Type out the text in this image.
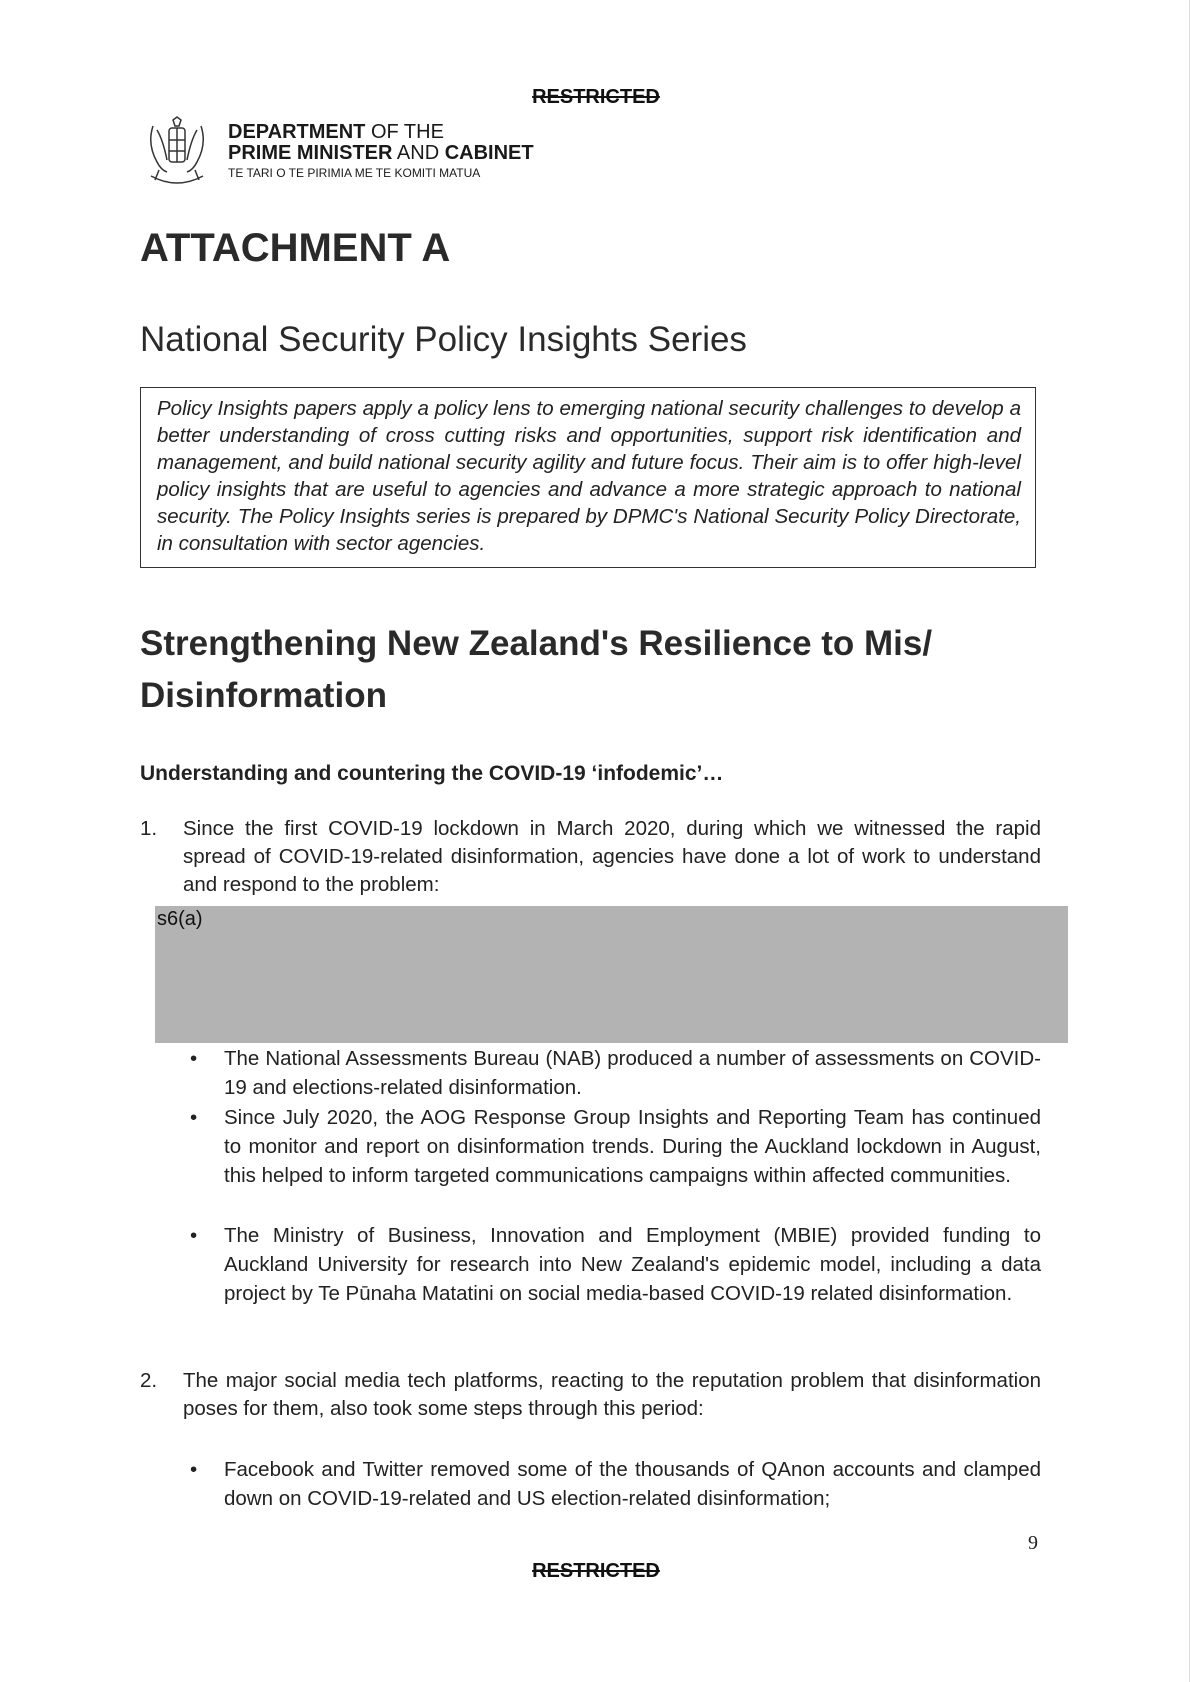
RESTRICTED
DEPARTMENT OF THE
PRIME MINISTER AND CABINET
TE TARI O TE PIRIMIA ME TE KOMITI MATUA
ATTACHMENT A
National Security Policy Insights Series
Policy Insights papers apply a policy lens to emerging national security challenges to develop a better understanding of cross cutting risks and opportunities, support risk identification and management, and build national security agility and future focus. Their aim is to offer high-level policy insights that are useful to agencies and advance a more strategic approach to national security. The Policy Insights series is prepared by DPMC's National Security Policy Directorate, in consultation with sector agencies.
Strengthening New Zealand's Resilience to Mis/ Disinformation
Understanding and countering the COVID-19 ‘infodemic’…
1. Since the first COVID-19 lockdown in March 2020, during which we witnessed the rapid spread of COVID-19-related disinformation, agencies have done a lot of work to understand and respond to the problem:
s6(a)
• The National Assessments Bureau (NAB) produced a number of assessments on COVID-19 and elections-related disinformation.
• Since July 2020, the AOG Response Group Insights and Reporting Team has continued to monitor and report on disinformation trends. During the Auckland lockdown in August, this helped to inform targeted communications campaigns within affected communities.
• The Ministry of Business, Innovation and Employment (MBIE) provided funding to Auckland University for research into New Zealand's epidemic model, including a data project by Te Pūnaha Matatini on social media-based COVID-19 related disinformation.
2. The major social media tech platforms, reacting to the reputation problem that disinformation poses for them, also took some steps through this period:
• Facebook and Twitter removed some of the thousands of QAnon accounts and clamped down on COVID-19-related and US election-related disinformation;
9
RESTRICTED
